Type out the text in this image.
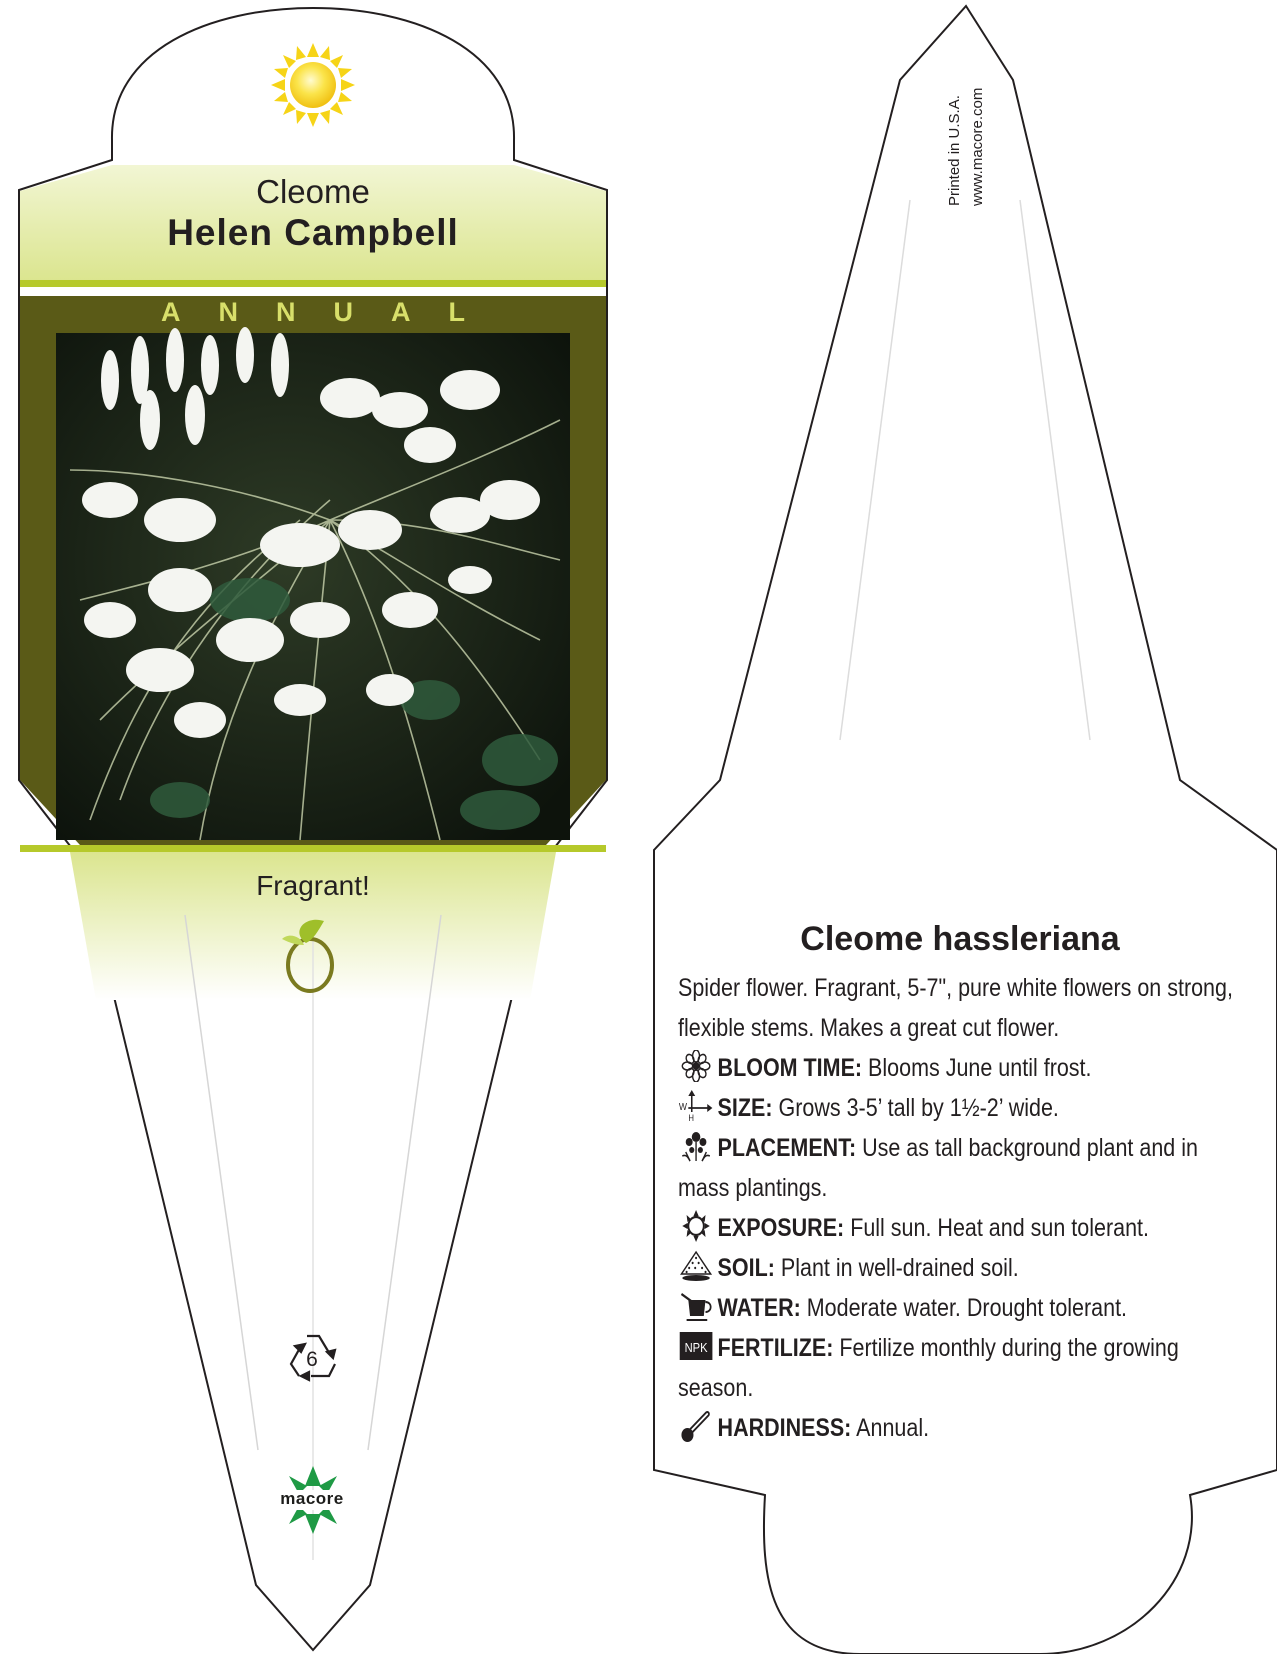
Cleome
Helen Campbell
ANNUAL
Fragrant!
6
macore
Printed in U.S.A. www.macore.com
Cleome hassleriana

Spider flower. Fragrant, 5-7", pure white flowers on strong, flexible stems. Makes a great cut flower.

BLOOM TIME: Blooms June until frost.
W
H SIZE: Grows 3-5’ tall by 1½-2’ wide.
PLACEMENT: Use as tall background plant and in mass plantings.
EXPOSURE: Full sun. Heat and sun tolerant.
SOIL: Plant in well-drained soil.
WATER: Moderate water. Drought tolerant.
NPK FERTILIZE: Fertilize monthly during the growing season.
HARDINESS: Annual.
